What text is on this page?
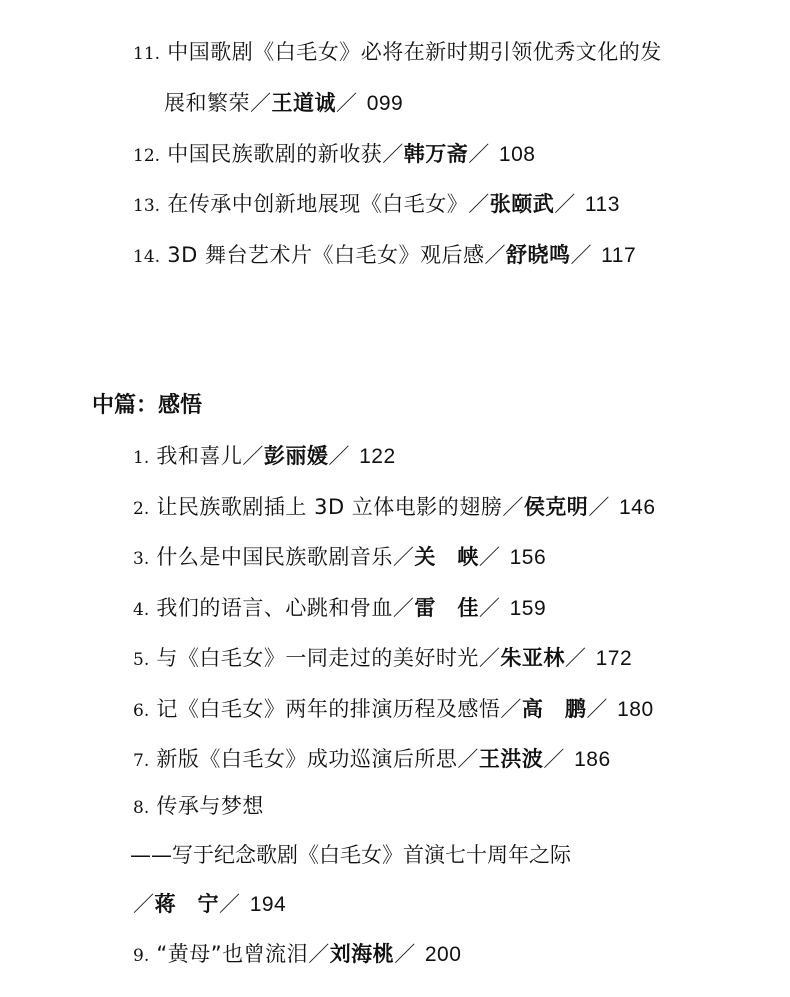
11. 中国歌剧《白毛女》必将在新时期引领优秀文化的发
展和繁荣／王道诚／ 099
12. 中国民族歌剧的新收获／韩万斋／ 108
13. 在传承中创新地展现《白毛女》／张颐武／ 113
14. 3D 舞台艺术片《白毛女》观后感／舒晓鸣／ 117
中篇：感悟
1. 我和喜儿／彭丽媛／ 122
2. 让民族歌剧插上 3D 立体电影的翅膀／侯克明／ 146
3. 什么是中国民族歌剧音乐／关　峡／ 156
4. 我们的语言、心跳和骨血／雷　佳／ 159
5. 与《白毛女》一同走过的美好时光／朱亚林／ 172
6. 记《白毛女》两年的排演历程及感悟／高　鹏／ 180
7. 新版《白毛女》成功巡演后所思／王洪波／ 186
8. 传承与梦想
——写于纪念歌剧《白毛女》首演七十周年之际
／蒋　宁／ 194
9. “黄母”也曾流泪／刘海桃／ 200
